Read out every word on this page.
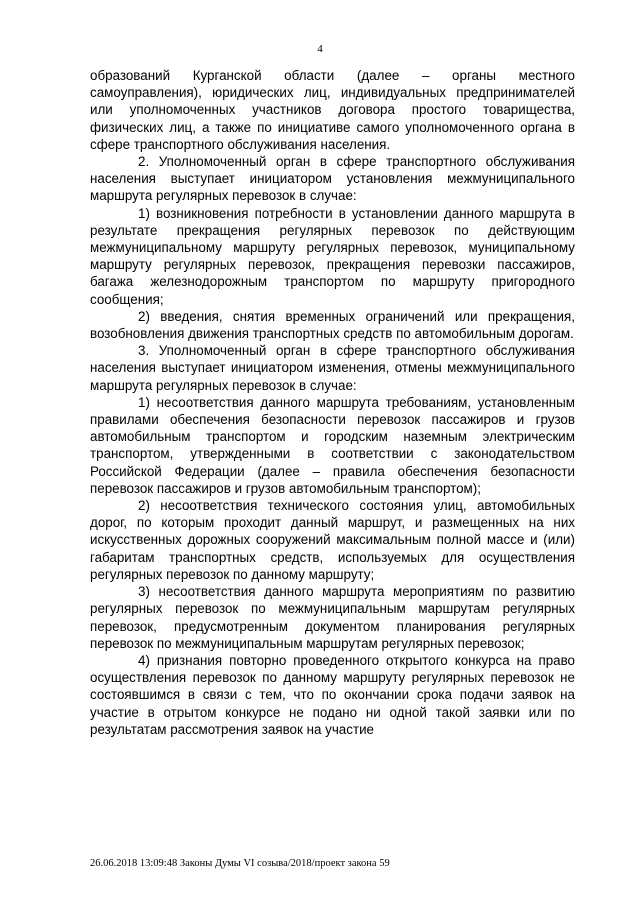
4

образований Курганской области (далее – органы местного самоуправления), юридических лиц, индивидуальных предпринимателей или уполномоченных участников договора простого товарищества, физических лиц, а также по инициативе самого уполномоченного органа в сфере транспортного обслуживания населения.

2. Уполномоченный орган в сфере транспортного обслуживания населения выступает инициатором установления межмуниципального маршрута регулярных перевозок в случае:

1) возникновения потребности в установлении данного маршрута в результате прекращения регулярных перевозок по действующим межмуниципальному маршруту регулярных перевозок, муниципальному маршруту регулярных перевозок, прекращения перевозки пассажиров, багажа железнодорожным транспортом по маршруту пригородного сообщения;

2) введения, снятия временных ограничений или прекращения, возобновления движения транспортных средств по автомобильным дорогам.

3. Уполномоченный орган в сфере транспортного обслуживания населения выступает инициатором изменения, отмены межмуниципального маршрута регулярных перевозок в случае:

1) несоответствия данного маршрута требованиям, установленным правилами обеспечения безопасности перевозок пассажиров и грузов автомобильным транспортом и городским наземным электрическим транспортом, утвержденными в соответствии с законодательством Российской Федерации (далее – правила обеспечения безопасности перевозок пассажиров и грузов автомобильным транспортом);

2) несоответствия технического состояния улиц, автомобильных дорог, по которым проходит данный маршрут, и размещенных на них искусственных дорожных сооружений максимальным полной массе и (или) габаритам транспортных средств, используемых для осуществления регулярных перевозок по данному маршруту;

3) несоответствия данного маршрута мероприятиям по развитию регулярных перевозок по межмуниципальным маршрутам регулярных перевозок, предусмотренным документом планирования регулярных перевозок по межмуниципальным маршрутам регулярных перевозок;

4) признания повторно проведенного открытого конкурса на право осуществления перевозок по данному маршруту регулярных перевозок не состоявшимся в связи с тем, что по окончании срока подачи заявок на участие в отрытом конкурсе не подано ни одной такой заявки или по результатам рассмотрения заявок на участие

26.06.2018 13:09:48 Законы Думы VI созыва/2018/проект закона 59
